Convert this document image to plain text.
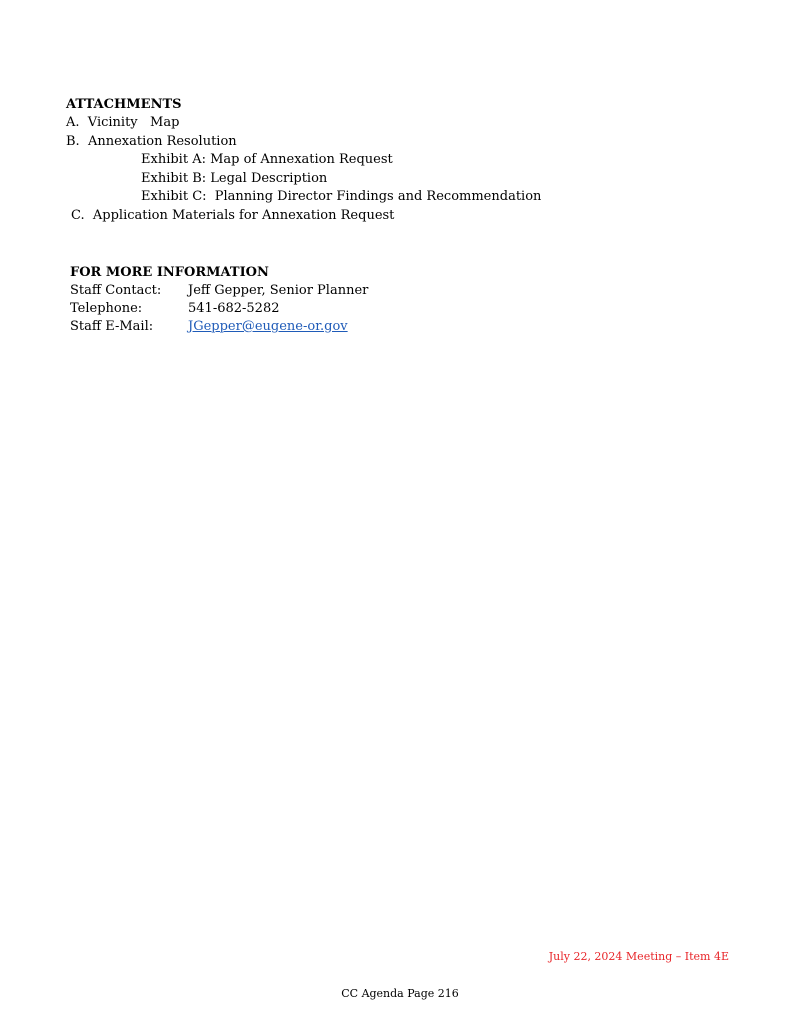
ATTACHMENTS
A.  Vicinity   Map
B.  Annexation Resolution
Exhibit A: Map of Annexation Request
Exhibit B: Legal Description
Exhibit C:  Planning Director Findings and Recommendation
C.  Application Materials for Annexation Request
FOR MORE INFORMATION
Staff Contact:	Jeff Gepper, Senior Planner
Telephone:	541-682-5282
Staff E-Mail:	JGepper@eugene-or.gov
July 22, 2024 Meeting – Item 4E
CC Agenda Page 216
